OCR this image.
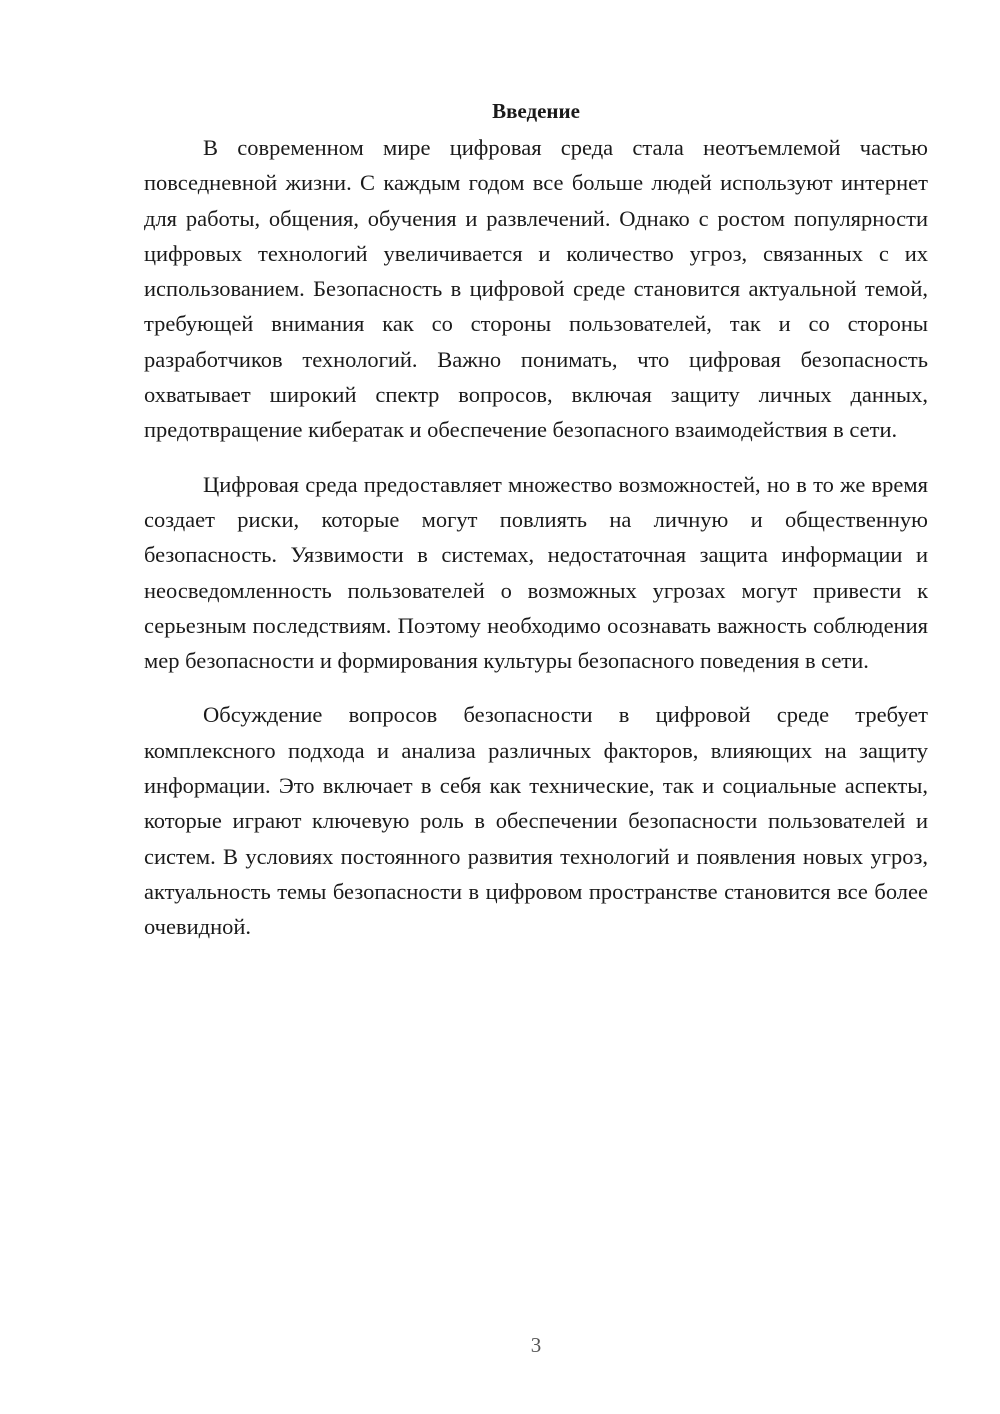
Введение

В современном мире цифровая среда стала неотъемлемой частью повседневной жизни. С каждым годом все больше людей используют интернет для работы, общения, обучения и развлечений. Однако с ростом популярности цифровых технологий увеличивается и количество угроз, связанных с их использованием. Безопасность в цифровой среде становится актуальной темой, требующей внимания как со стороны пользователей, так и со стороны разработчиков технологий. Важно понимать, что цифровая безопасность охватывает широкий спектр вопросов, включая защиту личных данных, предотвращение кибератак и обеспечение безопасного взаимодействия в сети.

Цифровая среда предоставляет множество возможностей, но в то же время создает риски, которые могут повлиять на личную и общественную безопасность. Уязвимости в системах, недостаточная защита информации и неосведомленность пользователей о возможных угрозах могут привести к серьезным последствиям. Поэтому необходимо осознавать важность соблюдения мер безопасности и формирования культуры безопасного поведения в сети.

Обсуждение вопросов безопасности в цифровой среде требует комплексного подхода и анализа различных факторов, влияющих на защиту информации. Это включает в себя как технические, так и социальные аспекты, которые играют ключевую роль в обеспечении безопасности пользователей и систем. В условиях постоянного развития технологий и появления новых угроз, актуальность темы безопасности в цифровом пространстве становится все более очевидной.

3
